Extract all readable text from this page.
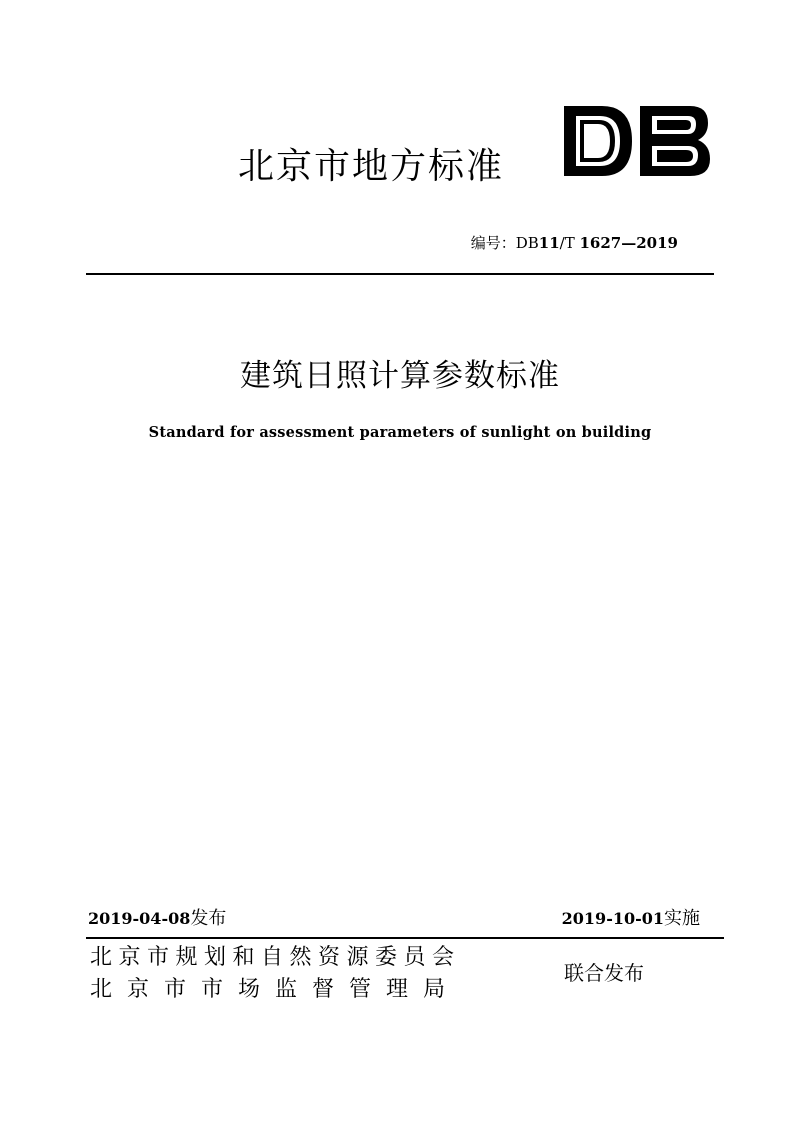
北京市地方标准
编号：DB11/T 1627—2019
建筑日照计算参数标准
Standard for assessment parameters of sunlight on building
2019-04-08发布	2019-10-01实施
北京市规划和自然资源委员会
北京市市场监督管理局
联合发布
